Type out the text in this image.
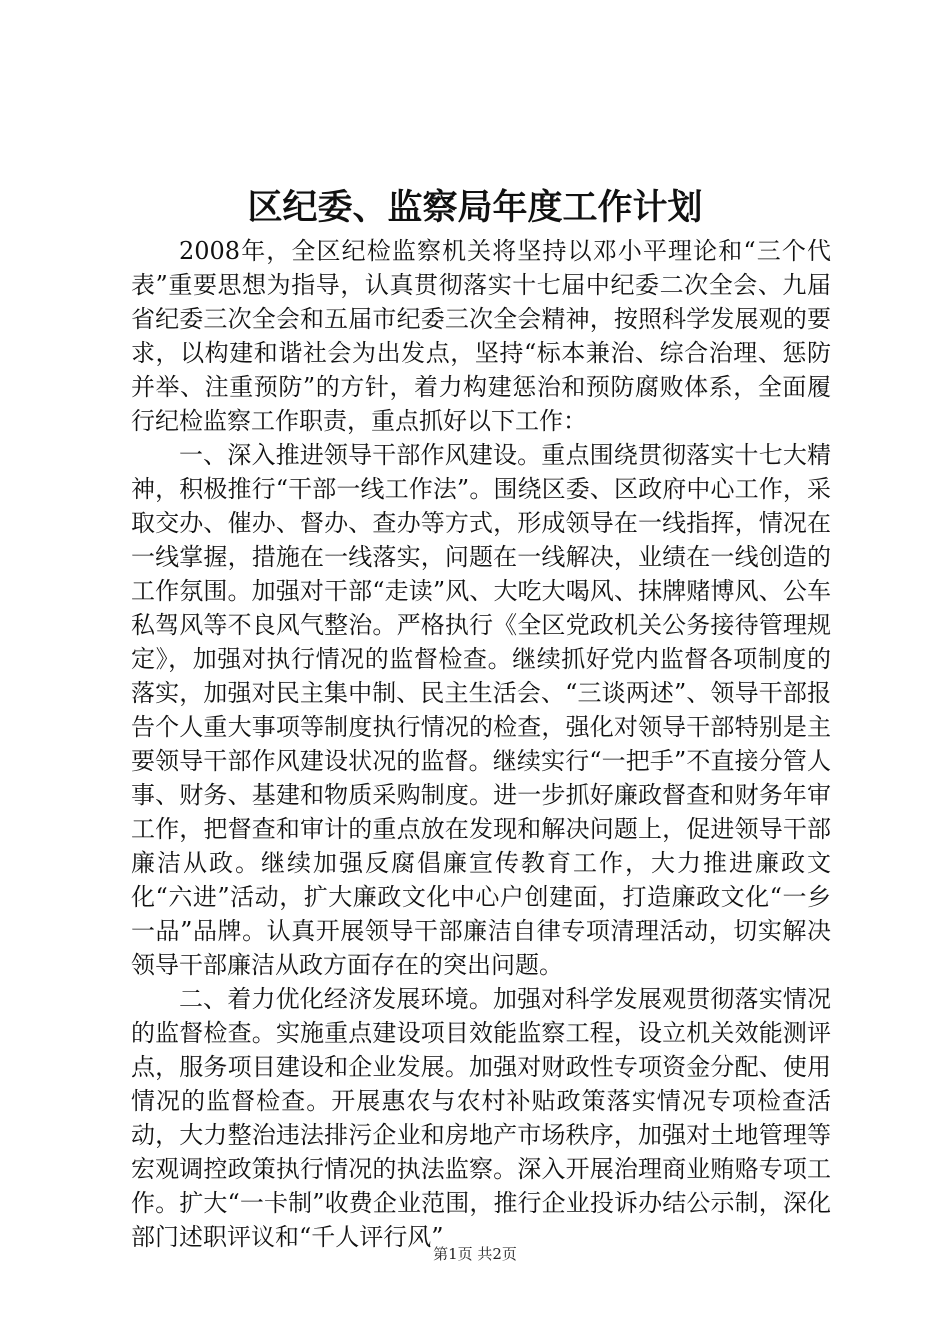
区纪委、监察局年度工作计划

2008年，全区纪检监察机关将坚持以邓小平理论和“三个代表”重要思想为指导，认真贯彻落实十七届中纪委二次全会、九届省纪委三次全会和五届市纪委三次全会精神，按照科学发展观的要求，以构建和谐社会为出发点，坚持“标本兼治、综合治理、惩防并举、注重预防”的方针，着力构建惩治和预防腐败体系，全面履行纪检监察工作职责，重点抓好以下工作：

一、深入推进领导干部作风建设。重点围绕贯彻落实十七大精神，积极推行“干部一线工作法”。围绕区委、区政府中心工作，采取交办、催办、督办、查办等方式，形成领导在一线指挥，情况在一线掌握，措施在一线落实，问题在一线解决，业绩在一线创造的工作氛围。加强对干部“走读”风、大吃大喝风、抹牌赌博风、公车私驾风等不良风气整治。严格执行《全区党政机关公务接待管理规定》，加强对执行情况的监督检查。继续抓好党内监督各项制度的落实，加强对民主集中制、民主生活会、“三谈两述”、领导干部报告个人重大事项等制度执行情况的检查，强化对领导干部特别是主要领导干部作风建设状况的监督。继续实行“一把手”不直接分管人事、财务、基建和物质采购制度。进一步抓好廉政督查和财务年审工作，把督查和审计的重点放在发现和解决问题上，促进领导干部廉洁从政。继续加强反腐倡廉宣传教育工作，大力推进廉政文化“六进”活动，扩大廉政文化中心户创建面，打造廉政文化“一乡一品”品牌。认真开展领导干部廉洁自律专项清理活动，切实解决领导干部廉洁从政方面存在的突出问题。

二、着力优化经济发展环境。加强对科学发展观贯彻落实情况的监督检查。实施重点建设项目效能监察工程，设立机关效能测评点，服务项目建设和企业发展。加强对财政性专项资金分配、使用情况的监督检查。开展惠农与农村补贴政策落实情况专项检查活动，大力整治违法排污企业和房地产市场秩序，加强对土地管理等宏观调控政策执行情况的执法监察。深入开展治理商业贿赂专项工作。扩大“一卡制”收费企业范围，推行企业投诉办结公示制，深化部门述职评议和“千人评行风”

第1页 共2页
